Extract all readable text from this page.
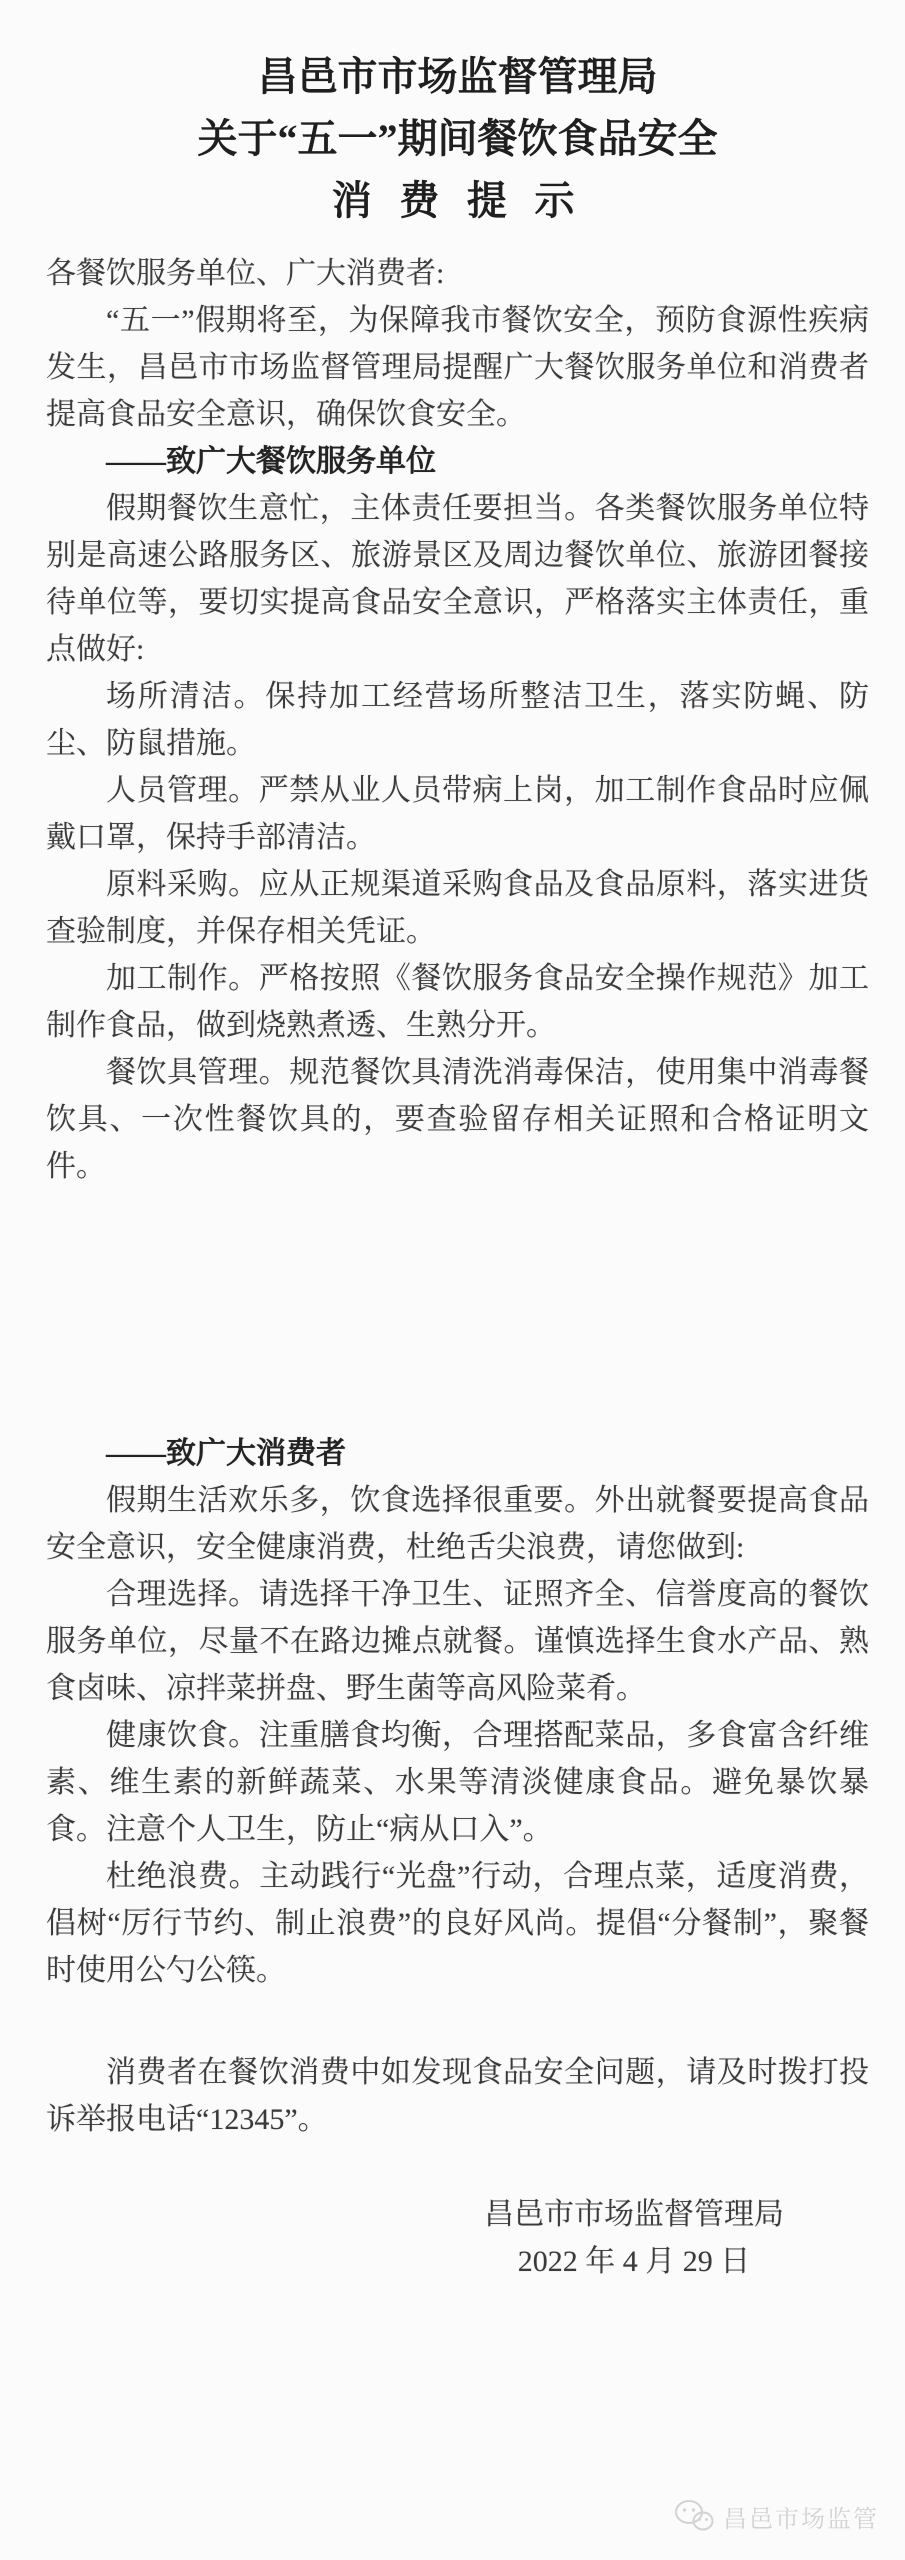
昌邑市市场监督管理局
关于“五一”期间餐饮食品安全
消 费 提 示

各餐饮服务单位、广大消费者:

“五一”假期将至，为保障我市餐饮安全，预防食源性疾病发生，昌邑市市场监督管理局提醒广大餐饮服务单位和消费者提高食品安全意识，确保饮食安全。

——致广大餐饮服务单位

假期餐饮生意忙，主体责任要担当。各类餐饮服务单位特别是高速公路服务区、旅游景区及周边餐饮单位、旅游团餐接待单位等，要切实提高食品安全意识，严格落实主体责任，重点做好:

场所清洁。保持加工经营场所整洁卫生，落实防蝇、防尘、防鼠措施。

人员管理。严禁从业人员带病上岗，加工制作食品时应佩戴口罩，保持手部清洁。

原料采购。应从正规渠道采购食品及食品原料，落实进货查验制度，并保存相关凭证。

加工制作。严格按照《餐饮服务食品安全操作规范》加工制作食品，做到烧熟煮透、生熟分开。

餐饮具管理。规范餐饮具清洗消毒保洁，使用集中消毒餐饮具、一次性餐饮具的，要查验留存相关证照和合格证明文件。

——致广大消费者

假期生活欢乐多，饮食选择很重要。外出就餐要提高食品安全意识，安全健康消费，杜绝舌尖浪费，请您做到:

合理选择。请选择干净卫生、证照齐全、信誉度高的餐饮服务单位，尽量不在路边摊点就餐。谨慎选择生食水产品、熟食卤味、凉拌菜拼盘、野生菌等高风险菜肴。

健康饮食。注重膳食均衡，合理搭配菜品，多食富含纤维素、维生素的新鲜蔬菜、水果等清淡健康食品。避免暴饮暴食。注意个人卫生，防止“病从口入”。

杜绝浪费。主动践行“光盘”行动，合理点菜，适度消费，倡树“厉行节约、制止浪费”的良好风尚。提倡“分餐制”，聚餐时使用公勺公筷。

消费者在餐饮消费中如发现食品安全问题，请及时拨打投诉举报电话“12345”。

昌邑市市场监督管理局
2022 年 4 月 29 日
昌邑市场监管
